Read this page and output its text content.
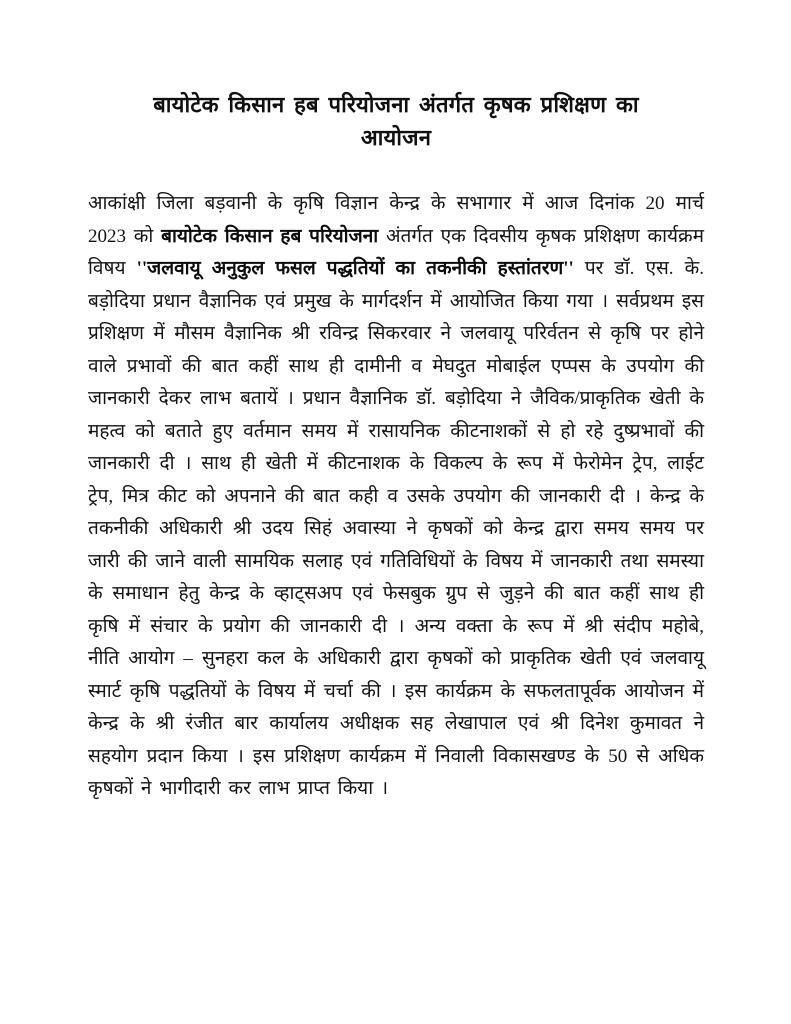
बायोटेक किसान हब परियोजना अंतर्गत कृषक प्रशिक्षण का
आयोजन

आकांक्षी जिला बड़वानी के कृषि विज्ञान केन्द्र के सभागार में आज दिनांक 20 मार्च 2023 को बायोटेक किसान हब परियोजना अंतर्गत एक दिवसीय कृषक प्रशिक्षण कार्यक्रम विषय ''जलवायू अनुकुल फसल पद्धतियों का तकनीकी हस्तांतरण'' पर डॉ. एस. के. बड़ोदिया प्रधान वैज्ञानिक एवं प्रमुख के मार्गदर्शन में आयोजित किया गया । सर्वप्रथम इस प्रशिक्षण में मौसम वैज्ञानिक श्री रविन्द्र सिकरवार ने जलवायू परिर्वतन से कृषि पर होने वाले प्रभावों की बात कहीं साथ ही दामीनी व मेघदुत मोबाईल एप्पस के उपयोग की जानकारी देकर लाभ बतायें । प्रधान वैज्ञानिक डॉ. बड़ोदिया ने जैविक/प्राकृतिक खेती के महत्व को बताते हुए वर्तमान समय में रासायनिक कीटनाशकों से हो रहे दुष्प्रभावों की जानकारी दी । साथ ही खेती में कीटनाशक के विकल्प के रूप में फेरोमेन ट्रेप, लाईट ट्रेप, मित्र कीट को अपनाने की बात कही व उसके उपयोग की जानकारी दी । केन्द्र के तकनीकी अधिकारी श्री उदय सिहं अवास्या ने कृषकों को केन्द्र द्वारा समय समय पर जारी की जाने वाली सामयिक सलाह एवं गतिविधियों के विषय में जानकारी तथा समस्या के समाधान हेतु केन्द्र के व्हाट्सअप एवं फेसबुक ग्रुप से जुड़ने की बात कहीं साथ ही कृषि में संचार के प्रयोग की जानकारी दी । अन्य वक्ता के रूप में श्री संदीप महोबे, नीति आयोग – सुनहरा कल के अधिकारी द्वारा कृषकों को प्राकृतिक खेती एवं जलवायू स्मार्ट कृषि पद्धतियों के विषय में चर्चा की । इस कार्यक्रम के सफलतापूर्वक आयोजन में केन्द्र के श्री रंजीत बार कार्यालय अधीक्षक सह लेखापाल एवं श्री दिनेश कुमावत ने सहयोग प्रदान किया । इस प्रशिक्षण कार्यक्रम में निवाली विकासखण्ड के 50 से अधिक कृषकों ने भागीदारी कर लाभ प्राप्त किया ।
